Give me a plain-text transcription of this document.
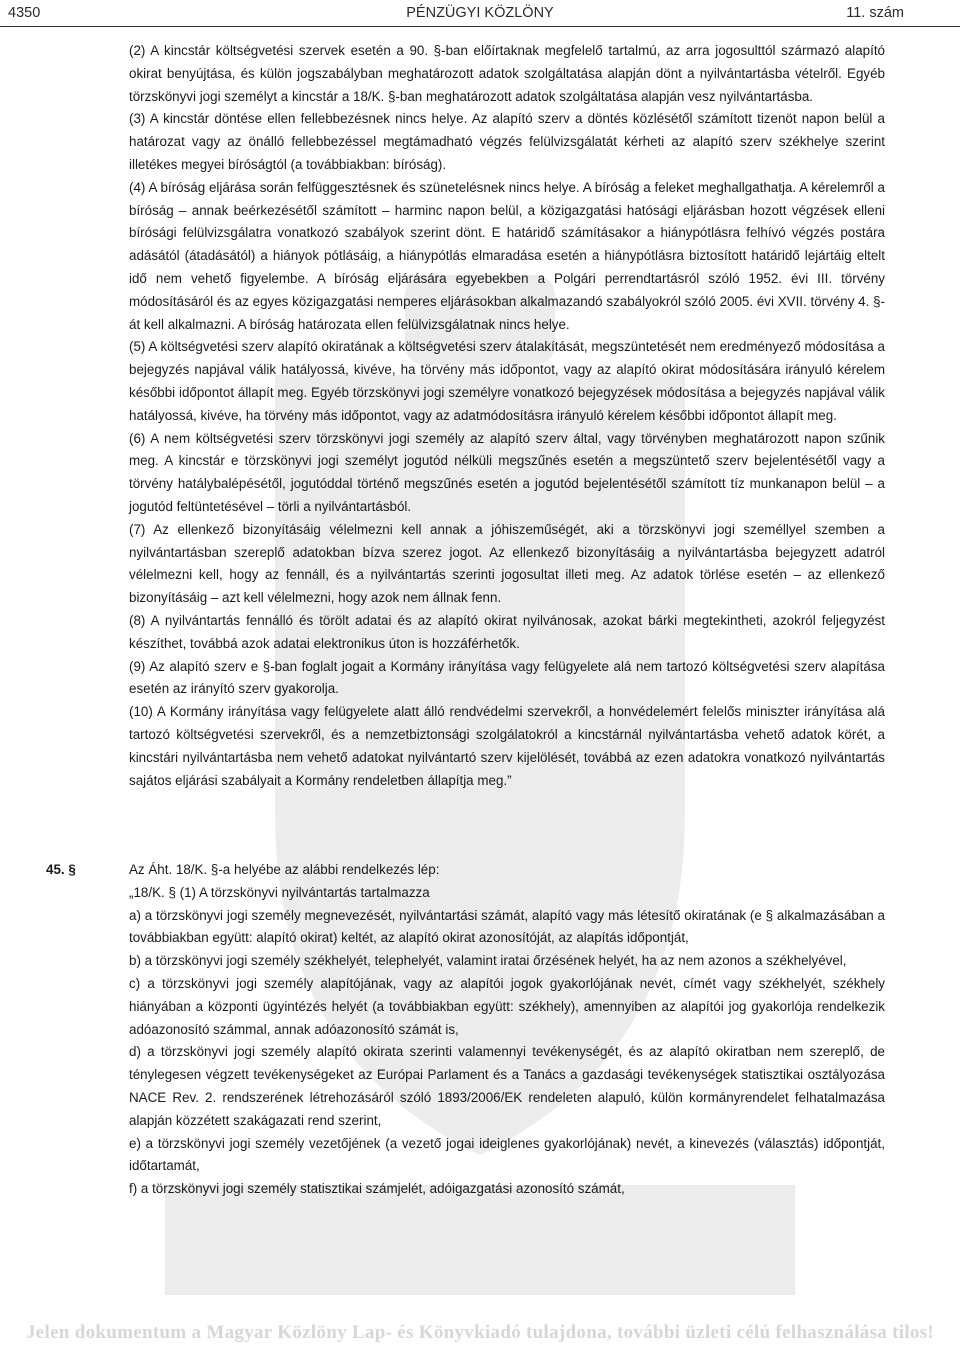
4350	PÉNZÜGYI KÖZLÖNY	11. szám

(2) A kincstár költségvetési szervek esetén a 90. §-ban előírtaknak megfelelő tartalmú, az arra jogosulttól származó alapító okirat benyújtása, és külön jogszabályban meghatározott adatok szolgáltatása alapján dönt a nyilvántartásba vételről. Egyéb törzskönyvi jogi személyt a kincstár a 18/K. §-ban meghatározott adatok szolgáltatása alapján vesz nyilvántartásba.

(3) A kincstár döntése ellen fellebbezésnek nincs helye. Az alapító szerv a döntés közlésétől számított tizenöt napon belül a határozat vagy az önálló fellebbezéssel megtámadható végzés felülvizsgálatát kérheti az alapító szerv székhelye szerint illetékes megyei bíróságtól (a továbbiakban: bíróság).

(4) A bíróság eljárása során felfüggesztésnek és szünetelésnek nincs helye. A bíróság a feleket meghallgathatja. A kérelemről a bíróság – annak beérkezésétől számított – harminc napon belül, a közigazgatási hatósági eljárásban hozott végzések elleni bírósági felülvizsgálatra vonatkozó szabályok szerint dönt. E határidő számításakor a hiánypótlásra felhívó végzés postára adásától (átadásától) a hiányok pótlásáig, a hiánypótlás elmaradása esetén a hiánypótlásra biztosított határidő lejártáig eltelt idő nem vehető figyelembe. A bíróság eljárására egyebekben a Polgári perrendtartásról szóló 1952. évi III. törvény módosításáról és az egyes közigazgatási nemperes eljárásokban alkalmazandó szabályokról szóló 2005. évi XVII. törvény 4. §-át kell alkalmazni. A bíróság határozata ellen felülvizsgálatnak nincs helye.

(5) A költségvetési szerv alapító okiratának a költségvetési szerv átalakítását, megszüntetését nem eredményező módosítása a bejegyzés napjával válik hatályossá, kivéve, ha törvény más időpontot, vagy az alapító okirat módosítására irányuló kérelem későbbi időpontot állapít meg. Egyéb törzskönyvi jogi személyre vonatkozó bejegyzések módosítása a bejegyzés napjával válik hatályossá, kivéve, ha törvény más időpontot, vagy az adatmódosításra irányuló kérelem későbbi időpontot állapít meg.

(6) A nem költségvetési szerv törzskönyvi jogi személy az alapító szerv által, vagy törvényben meghatározott napon szűnik meg. A kincstár e törzskönyvi jogi személyt jogutód nélküli megszűnés esetén a megszüntető szerv bejelentésétől vagy a törvény hatálybalépésétől, jogutóddal történő megszűnés esetén a jogutód bejelentésétől számított tíz munkanapon belül – a jogutód feltüntetésével – törli a nyilvántartásból.

(7) Az ellenkező bizonyításáig vélelmezni kell annak a jóhiszeműségét, aki a törzskönyvi jogi személlyel szemben a nyilvántartásban szereplő adatokban bízva szerez jogot. Az ellenkező bizonyításáig a nyilvántartásba bejegyzett adatról vélelmezni kell, hogy az fennáll, és a nyilvántartás szerinti jogosultat illeti meg. Az adatok törlése esetén – az ellenkező bizonyításáig – azt kell vélelmezni, hogy azok nem állnak fenn.

(8) A nyilvántartás fennálló és törölt adatai és az alapító okirat nyilvánosak, azokat bárki megtekintheti, azokról feljegyzést készíthet, továbbá azok adatai elektronikus úton is hozzáférhetők.

(9) Az alapító szerv e §-ban foglalt jogait a Kormány irányítása vagy felügyelete alá nem tartozó költségvetési szerv alapítása esetén az irányító szerv gyakorolja.

(10) A Kormány irányítása vagy felügyelete alatt álló rendvédelmi szervekről, a honvédelemért felelős miniszter irányítása alá tartozó költségvetési szervekről, és a nemzetbiztonsági szolgálatokról a kincstárnál nyilvántartásba vehető adatok körét, a kincstári nyilvántartásba nem vehető adatokat nyilvántartó szerv kijelölését, továbbá az ezen adatokra vonatkozó nyilvántartás sajátos eljárási szabályait a Kormány rendeletben állapítja meg.”

45. §	Az Áht. 18/K. §-a helyébe az alábbi rendelkezés lép:

„18/K. § (1) A törzskönyvi nyilvántartás tartalmazza

a) a törzskönyvi jogi személy megnevezését, nyilvántartási számát, alapító vagy más létesítő okiratának (e § alkalmazásában a továbbiakban együtt: alapító okirat) keltét, az alapító okirat azonosítóját, az alapítás időpontját,

b) a törzskönyvi jogi személy székhelyét, telephelyét, valamint iratai őrzésének helyét, ha az nem azonos a székhelyével,

c) a törzskönyvi jogi személy alapítójának, vagy az alapítói jogok gyakorlójának nevét, címét vagy székhelyét, székhely hiányában a központi ügyintézés helyét (a továbbiakban együtt: székhely), amennyiben az alapítói jog gyakorlója rendelkezik adóazonosító számmal, annak adóazonosító számát is,

d) a törzskönyvi jogi személy alapító okirata szerinti valamennyi tevékenységét, és az alapító okiratban nem szereplő, de ténylegesen végzett tevékenységeket az Európai Parlament és a Tanács a gazdasági tevékenységek statisztikai osztályozása NACE Rev. 2. rendszerének létrehozásáról szóló 1893/2006/EK rendeleten alapuló, külön kormányrendelet felhatalmazása alapján közzétett szakágazati rend szerint,

e) a törzskönyvi jogi személy vezetőjének (a vezető jogai ideiglenes gyakorlójának) nevét, a kinevezés (választás) időpontját, időtartamát,

f) a törzskönyvi jogi személy statisztikai számjelét, adóigazgatási azonosító számát,

Jelen dokumentum a Magyar Közlöny Lap- és Könyvkiadó tulajdona, további üzleti célú felhasználása tilos!
